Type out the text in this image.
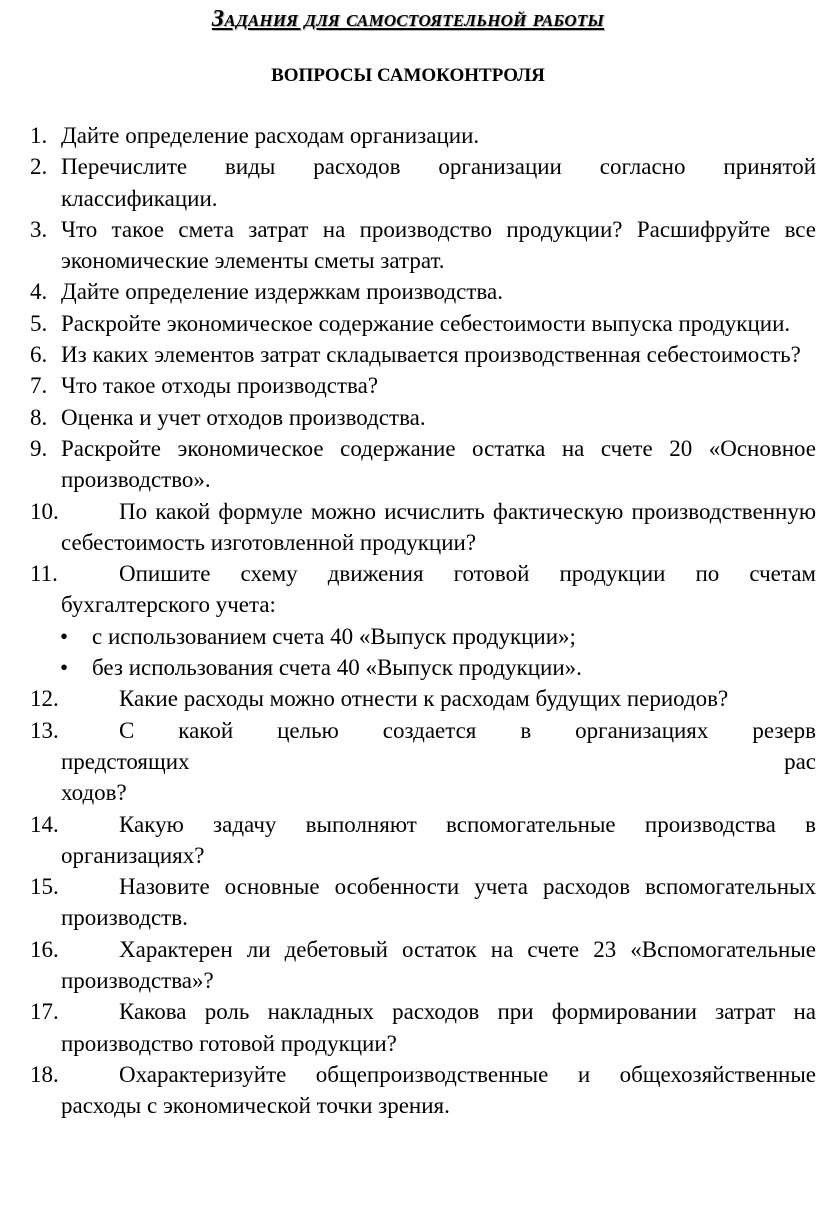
Задания для самостоятельной работы
ВОПРОСЫ САМОКОНТРОЛЯ
1. Дайте определение расходам организации.
2. Перечислите виды расходов организации согласно принятой классификации.
3. Что такое смета затрат на производство продукции? Расшифруйте все экономические элементы сметы затрат.
4. Дайте определение издержкам производства.
5. Раскройте экономическое содержание себестоимости выпуска продукции.
6. Из каких элементов затрат складывается производственная себестоимость?
7. Что такое отходы производства?
8. Оценка и учет отходов производства.
9. Раскройте экономическое содержание остатка на счете 20 «Основное производство».
10.	По какой формуле можно исчислить фактическую производственную себестоимость изготовленной продукции?
11.	Опишите схему движения готовой продукции по счетам бухгалтерского учета:
• с использованием счета 40 «Выпуск продукции»;
• без использования счета 40 «Выпуск продукции».
12.	Какие расходы можно отнести к расходам будущих периодов?
13.	С какой целью создается в организациях резерв
предстоящих рас
ходов?
14.	Какую задачу выполняют вспомогательные производства в организациях?
15.	Назовите основные особенности учета расходов вспомогательных производств.
16.	Характерен ли дебетовый остаток на счете 23 «Вспомогательные производства»?
17.	Какова роль накладных расходов при формировании затрат на производство готовой продукции?
18.	Охарактеризуйте общепроизводственные и общехозяйственные расходы с экономической точки зрения.
